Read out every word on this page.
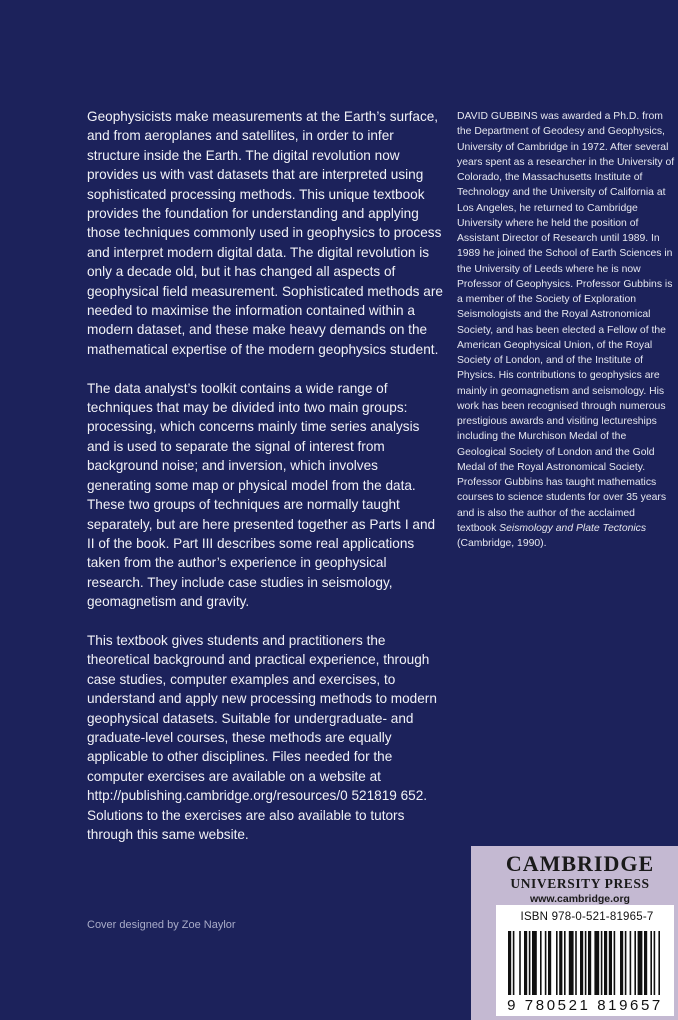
Geophysicists make measurements at the Earth’s surface, and from aeroplanes and satellites, in order to infer structure inside the Earth. The digital revolution now provides us with vast datasets that are interpreted using sophisticated processing methods. This unique textbook provides the foundation for understanding and applying those techniques commonly used in geophysics to process and interpret modern digital data. The digital revolution is only a decade old, but it has changed all aspects of geophysical field measurement. Sophisticated methods are needed to maximise the information contained within a modern dataset, and these make heavy demands on the mathematical expertise of the modern geophysics student.

The data analyst’s toolkit contains a wide range of techniques that may be divided into two main groups: processing, which concerns mainly time series analysis and is used to separate the signal of interest from background noise; and inversion, which involves generating some map or physical model from the data. These two groups of techniques are normally taught separately, but are here presented together as Parts I and II of the book. Part III describes some real applications taken from the author’s experience in geophysical research. They include case studies in seismology, geomagnetism and gravity.

This textbook gives students and practitioners the theoretical background and practical experience, through case studies, computer examples and exercises, to understand and apply new processing methods to modern geophysical datasets. Suitable for undergraduate- and graduate-level courses, these methods are equally applicable to other disciplines. Files needed for the computer exercises are available on a website at http://publishing.cambridge.org/resources/0 521819 652. Solutions to the exercises are also available to tutors through this same website.

DAVID GUBBINS was awarded a Ph.D. from the Department of Geodesy and Geophysics, University of Cambridge in 1972. After several years spent as a researcher in the University of Colorado, the Massachusetts Institute of Technology and the University of California at Los Angeles, he returned to Cambridge University where he held the position of Assistant Director of Research until 1989. In 1989 he joined the School of Earth Sciences in the University of Leeds where he is now Professor of Geophysics. Professor Gubbins is a member of the Society of Exploration Seismologists and the Royal Astronomical Society, and has been elected a Fellow of the American Geophysical Union, of the Royal Society of London, and of the Institute of Physics. His contributions to geophysics are mainly in geomagnetism and seismology. His work has been recognised through numerous prestigious awards and visiting lectureships including the Murchison Medal of the Geological Society of London and the Gold Medal of the Royal Astronomical Society. Professor Gubbins has taught mathematics courses to science students for over 35 years and is also the author of the acclaimed textbook Seismology and Plate Tectonics (Cambridge, 1990).
Cover designed by Zoe Naylor
CAMBRIDGE
UNIVERSITY PRESS
www.cambridge.org
ISBN 978-0-521-81965-7
9 780521 819657
